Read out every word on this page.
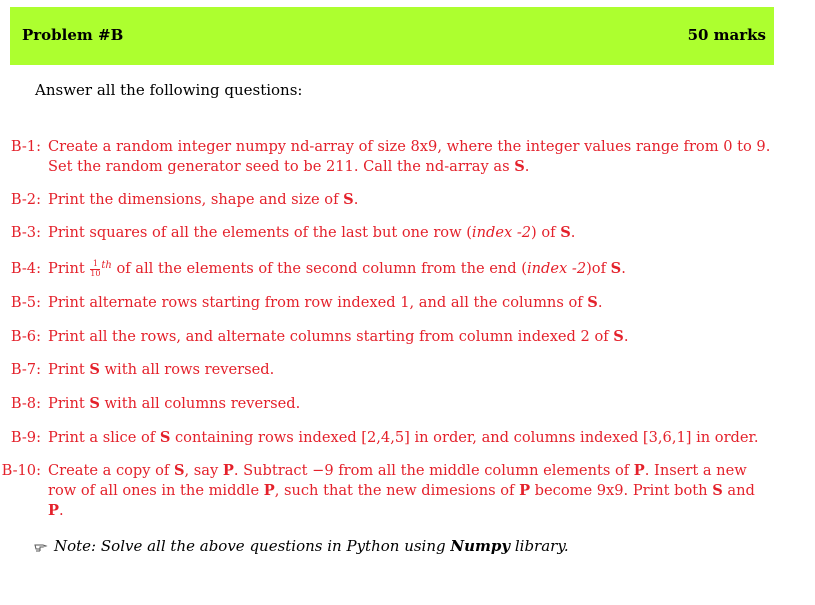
Problem #B	50 marks
Answer all the following questions:
B-1: Create a random integer numpy nd-array of size 8x9, where the integer values range from 0 to 9.
Set the random generator seed to be 211. Call the nd-array as S.
B-2: Print the dimensions, shape and size of S.
B-3: Print squares of all the elements of the last but one row (index -2) of S.
B-4: Print $\frac{1}{10} ^{th}$ of all the elements of the second column from the end (index -2)of S.
B-5: Print alternate rows starting from row indexed 1, and all the columns of S.
B-6: Print all the rows, and alternate columns starting from column indexed 2 of S.
B-7: Print S with all rows reversed.
B-8: Print S with all columns reversed.
B-9: Print a slice of S containing rows indexed [2,4,5] in order, and columns indexed [3,6,1] in order.
B-10: Create a copy of S, say P. Subtract −9 from all the middle column elements of P. Insert a new
row of all ones in the middle P, such that the new dimesions of P become 9x9. Print both S and
P.
Note: Solve all the above questions in Python using Numpy library.
